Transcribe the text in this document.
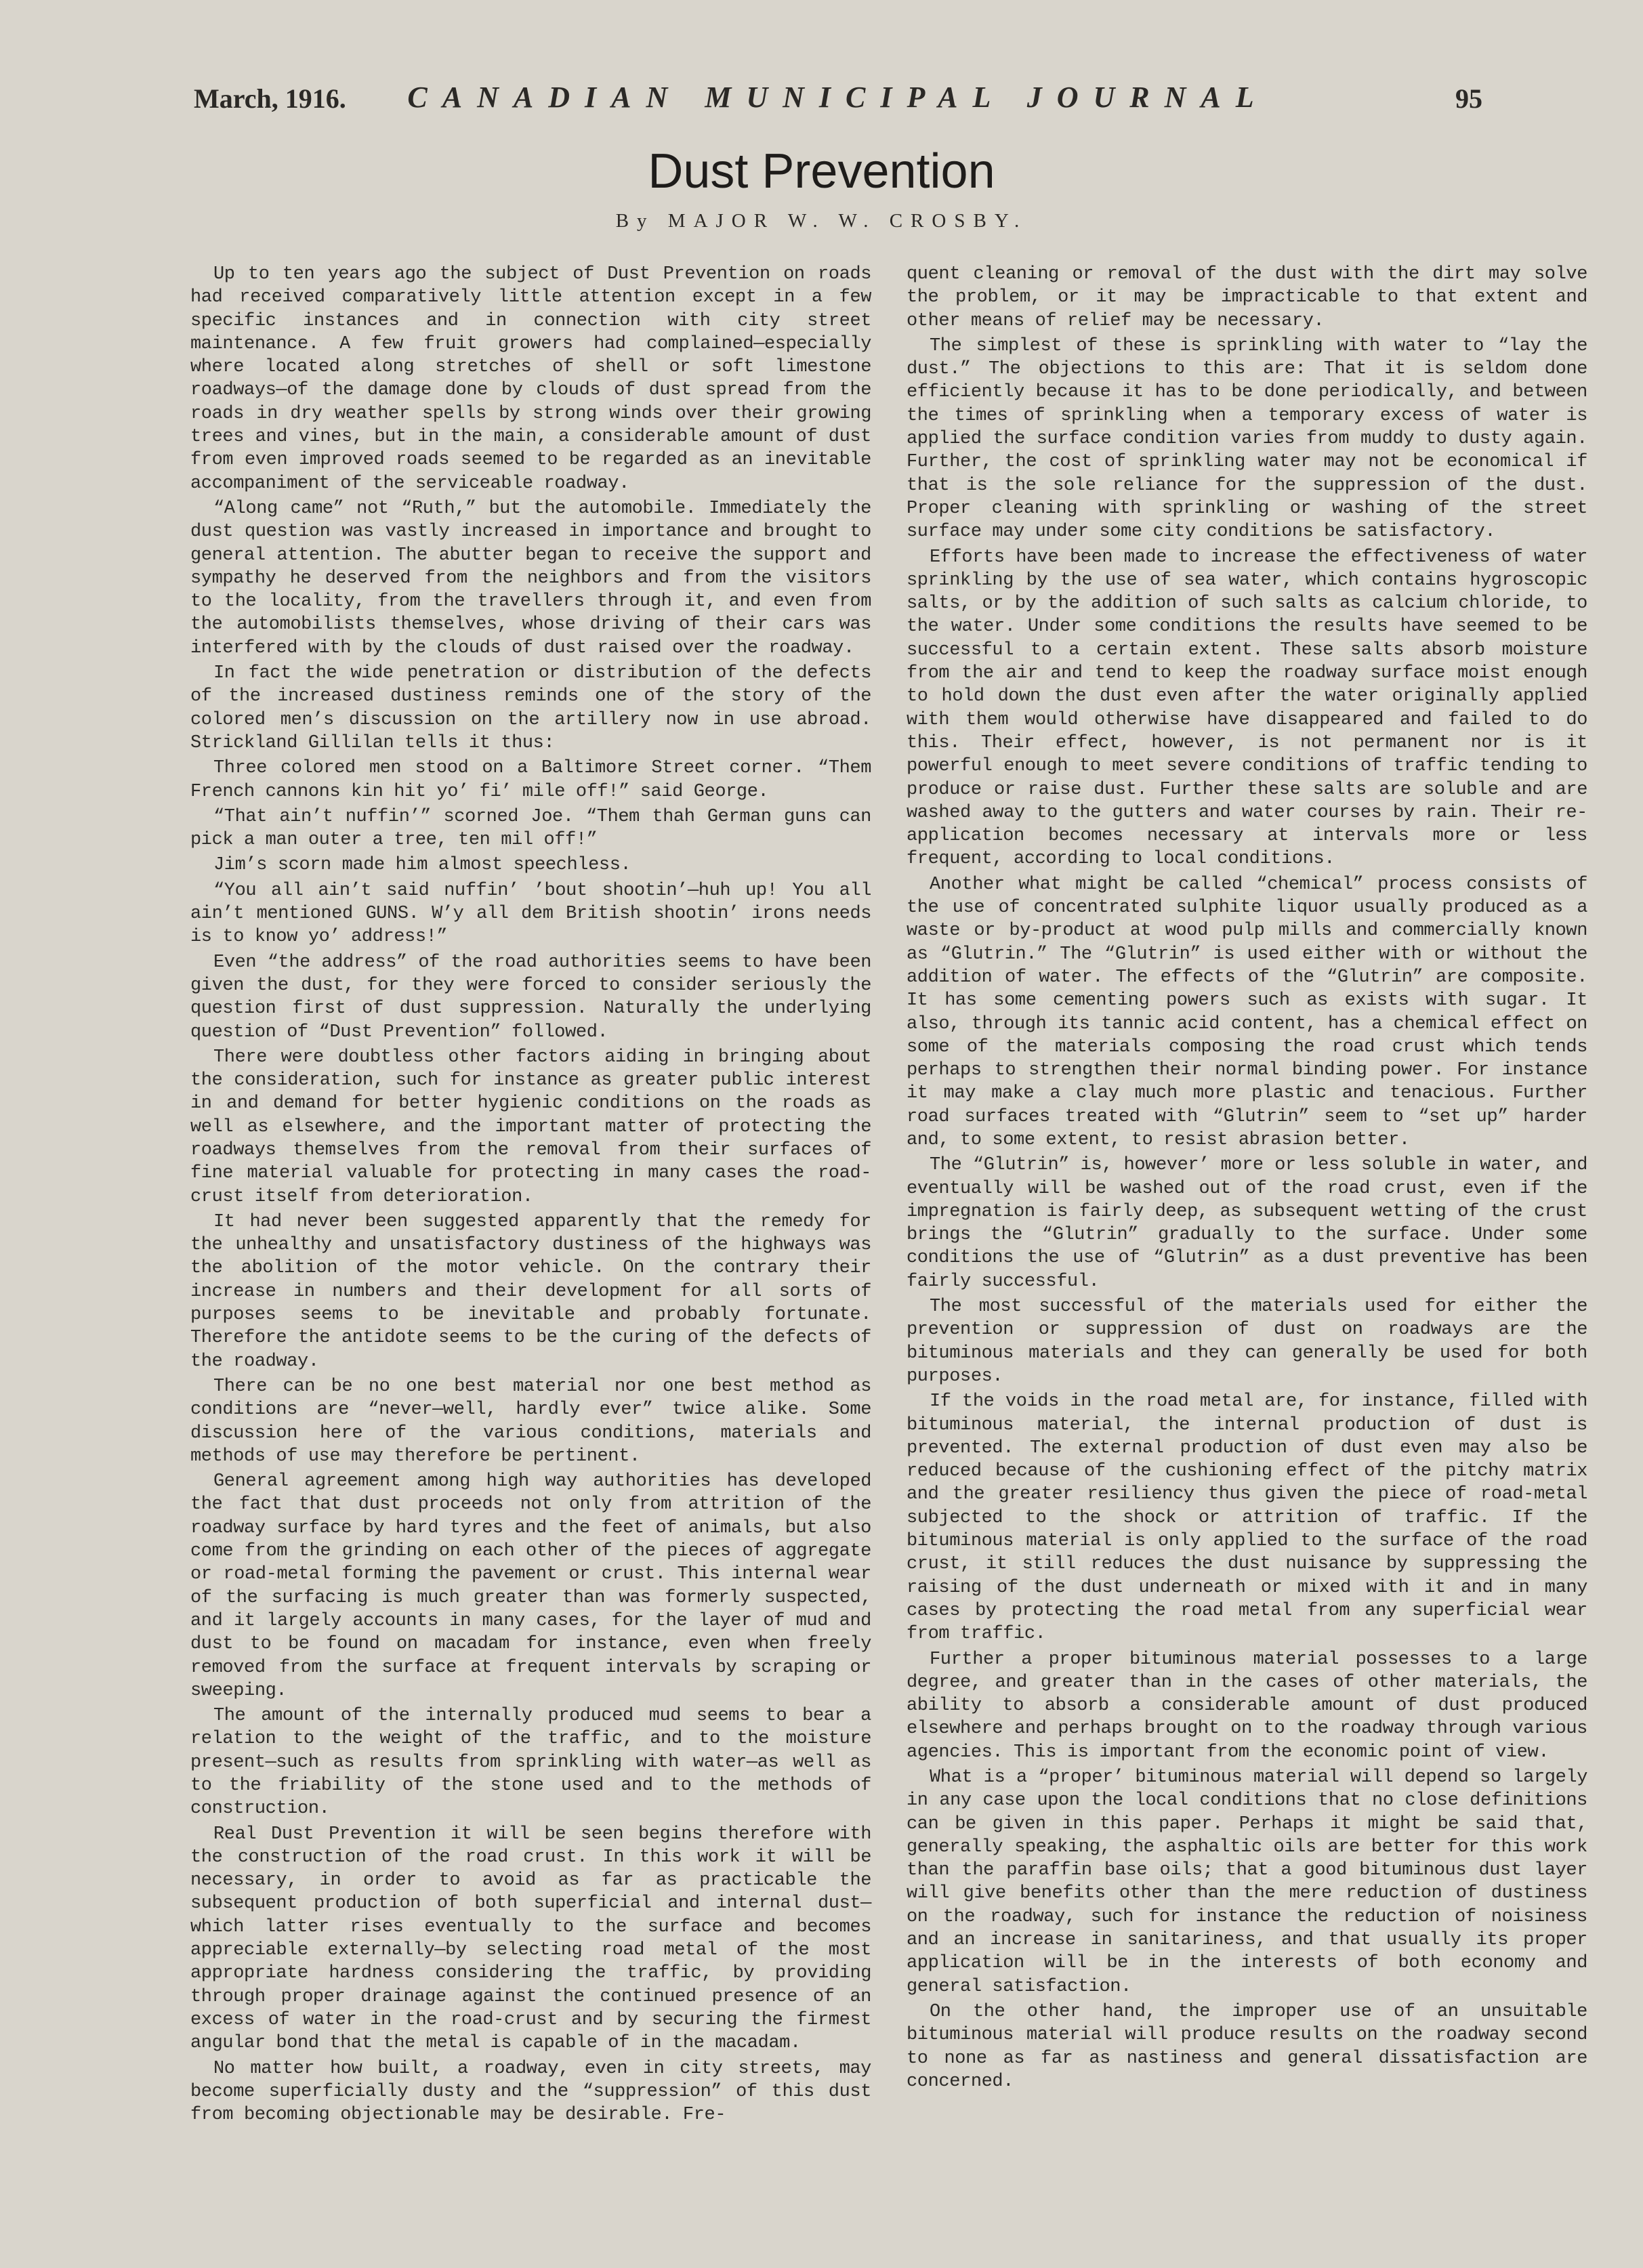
March, 1916.	CANADIAN MUNICIPAL JOURNAL	95
Dust Prevention
By MAJOR W. W. CROSBY.

Up to ten years ago the subject of Dust Prevention on roads had received comparatively little attention except in a few specific instances and in connection with city street maintenance. A few fruit growers had complained—especially where located along stretches of shell or soft limestone roadways—of the damage done by clouds of dust spread from the roads in dry weather spells by strong winds over their growing trees and vines, but in the main, a considerable amount of dust from even improved roads seemed to be regarded as an inevitable accompaniment of the serviceable roadway.

“Along came” not “Ruth,” but the automobile. Immediately the dust question was vastly increased in importance and brought to general attention. The abutter began to receive the support and sympathy he deserved from the neighbors and from the visitors to the locality, from the travellers through it, and even from the automobilists themselves, whose driving of their cars was interfered with by the clouds of dust raised over the roadway.

In fact the wide penetration or distribution of the defects of the increased dustiness reminds one of the story of the colored men’s discussion on the artillery now in use abroad. Strickland Gillilan tells it thus:

Three colored men stood on a Baltimore Street corner. “Them French cannons kin hit yo’ fi’ mile off!” said George.

“That ain’t nuffin’” scorned Joe. “Them thah German guns can pick a man outer a tree, ten mil off!”

Jim’s scorn made him almost speechless.

“You all ain’t said nuffin’ ’bout shootin’—huh up! You all ain’t mentioned GUNS. W’y all dem British shootin’ irons needs is to know yo’ address!”

Even “the address” of the road authorities seems to have been given the dust, for they were forced to consider seriously the question first of dust suppression. Naturally the underlying question of “Dust Prevention” followed.

There were doubtless other factors aiding in bringing about the consideration, such for instance as greater public interest in and demand for better hygienic conditions on the roads as well as elsewhere, and the important matter of protecting the roadways themselves from the removal from their surfaces of fine material valuable for protecting in many cases the road-crust itself from deterioration.

It had never been suggested apparently that the remedy for the unhealthy and unsatisfactory dustiness of the highways was the abolition of the motor vehicle. On the contrary their increase in numbers and their development for all sorts of purposes seems to be inevitable and probably fortunate. Therefore the antidote seems to be the curing of the defects of the roadway.

There can be no one best material nor one best method as conditions are “never—well, hardly ever” twice alike. Some discussion here of the various conditions, materials and methods of use may therefore be pertinent.

General agreement among high way authorities has developed the fact that dust proceeds not only from attrition of the roadway surface by hard tyres and the feet of animals, but also come from the grinding on each other of the pieces of aggregate or road-metal forming the pavement or crust. This internal wear of the surfacing is much greater than was formerly suspected, and it largely accounts in many cases, for the layer of mud and dust to be found on macadam for instance, even when freely removed from the surface at frequent intervals by scraping or sweeping.

The amount of the internally produced mud seems to bear a relation to the weight of the traffic, and to the moisture present—such as results from sprinkling with water—as well as to the friability of the stone used and to the methods of construction.

Real Dust Prevention it will be seen begins therefore with the construction of the road crust. In this work it will be necessary, in order to avoid as far as practicable the subsequent production of both superficial and internal dust—which latter rises eventually to the surface and becomes appreciable externally—by selecting road metal of the most appropriate hardness considering the traffic, by providing through proper drainage against the continued presence of an excess of water in the road-crust and by securing the firmest angular bond that the metal is capable of in the macadam.

No matter how built, a roadway, even in city streets, may become superficially dusty and the “suppression” of this dust from becoming objectionable may be desirable. Fre-

quent cleaning or removal of the dust with the dirt may solve the problem, or it may be impracticable to that extent and other means of relief may be necessary.

The simplest of these is sprinkling with water to “lay the dust.” The objections to this are: That it is seldom done efficiently because it has to be done periodically, and between the times of sprinkling when a temporary excess of water is applied the surface condition varies from muddy to dusty again. Further, the cost of sprinkling water may not be economical if that is the sole reliance for the suppression of the dust. Proper cleaning with sprinkling or washing of the street surface may under some city conditions be satisfactory.

Efforts have been made to increase the effectiveness of water sprinkling by the use of sea water, which contains hygroscopic salts, or by the addition of such salts as calcium chloride, to the water. Under some conditions the results have seemed to be successful to a certain extent. These salts absorb moisture from the air and tend to keep the roadway surface moist enough to hold down the dust even after the water originally applied with them would otherwise have disappeared and failed to do this. Their effect, however, is not permanent nor is it powerful enough to meet severe conditions of traffic tending to produce or raise dust. Further these salts are soluble and are washed away to the gutters and water courses by rain. Their re-application becomes necessary at intervals more or less frequent, according to local conditions.

Another what might be called “chemical” process consists of the use of concentrated sulphite liquor usually produced as a waste or by-product at wood pulp mills and commercially known as “Glutrin.” The “Glutrin” is used either with or without the addition of water. The effects of the “Glutrin” are composite. It has some cementing powers such as exists with sugar. It also, through its tannic acid content, has a chemical effect on some of the materials composing the road crust which tends perhaps to strengthen their normal binding power. For instance it may make a clay much more plastic and tenacious. Further road surfaces treated with “Glutrin” seem to “set up” harder and, to some extent, to resist abrasion better.

The “Glutrin” is, however’ more or less soluble in water, and eventually will be washed out of the road crust, even if the impregnation is fairly deep, as subsequent wetting of the crust brings the “Glutrin” gradually to the surface. Under some conditions the use of “Glutrin” as a dust preventive has been fairly successful.

The most successful of the materials used for either the prevention or suppression of dust on roadways are the bituminous materials and they can generally be used for both purposes.

If the voids in the road metal are, for instance, filled with bituminous material, the internal production of dust is prevented. The external production of dust even may also be reduced because of the cushioning effect of the pitchy matrix and the greater resiliency thus given the piece of road-metal subjected to the shock or attrition of traffic. If the bituminous material is only applied to the surface of the road crust, it still reduces the dust nuisance by suppressing the raising of the dust underneath or mixed with it and in many cases by protecting the road metal from any superficial wear from traffic.

Further a proper bituminous material possesses to a large degree, and greater than in the cases of other materials, the ability to absorb a considerable amount of dust produced elsewhere and perhaps brought on to the roadway through various agencies. This is important from the economic point of view.

What is a “proper’ bituminous material will depend so largely in any case upon the local conditions that no close definitions can be given in this paper. Perhaps it might be said that, generally speaking, the asphaltic oils are better for this work than the paraffin base oils; that a good bituminous dust layer will give benefits other than the mere reduction of dustiness on the roadway, such for instance the reduction of noisiness and an increase in sanitariness, and that usually its proper application will be in the interests of both economy and general satisfaction.

On the other hand, the improper use of an unsuitable bituminous material will produce results on the roadway second to none as far as nastiness and general dissatisfaction are concerned.
